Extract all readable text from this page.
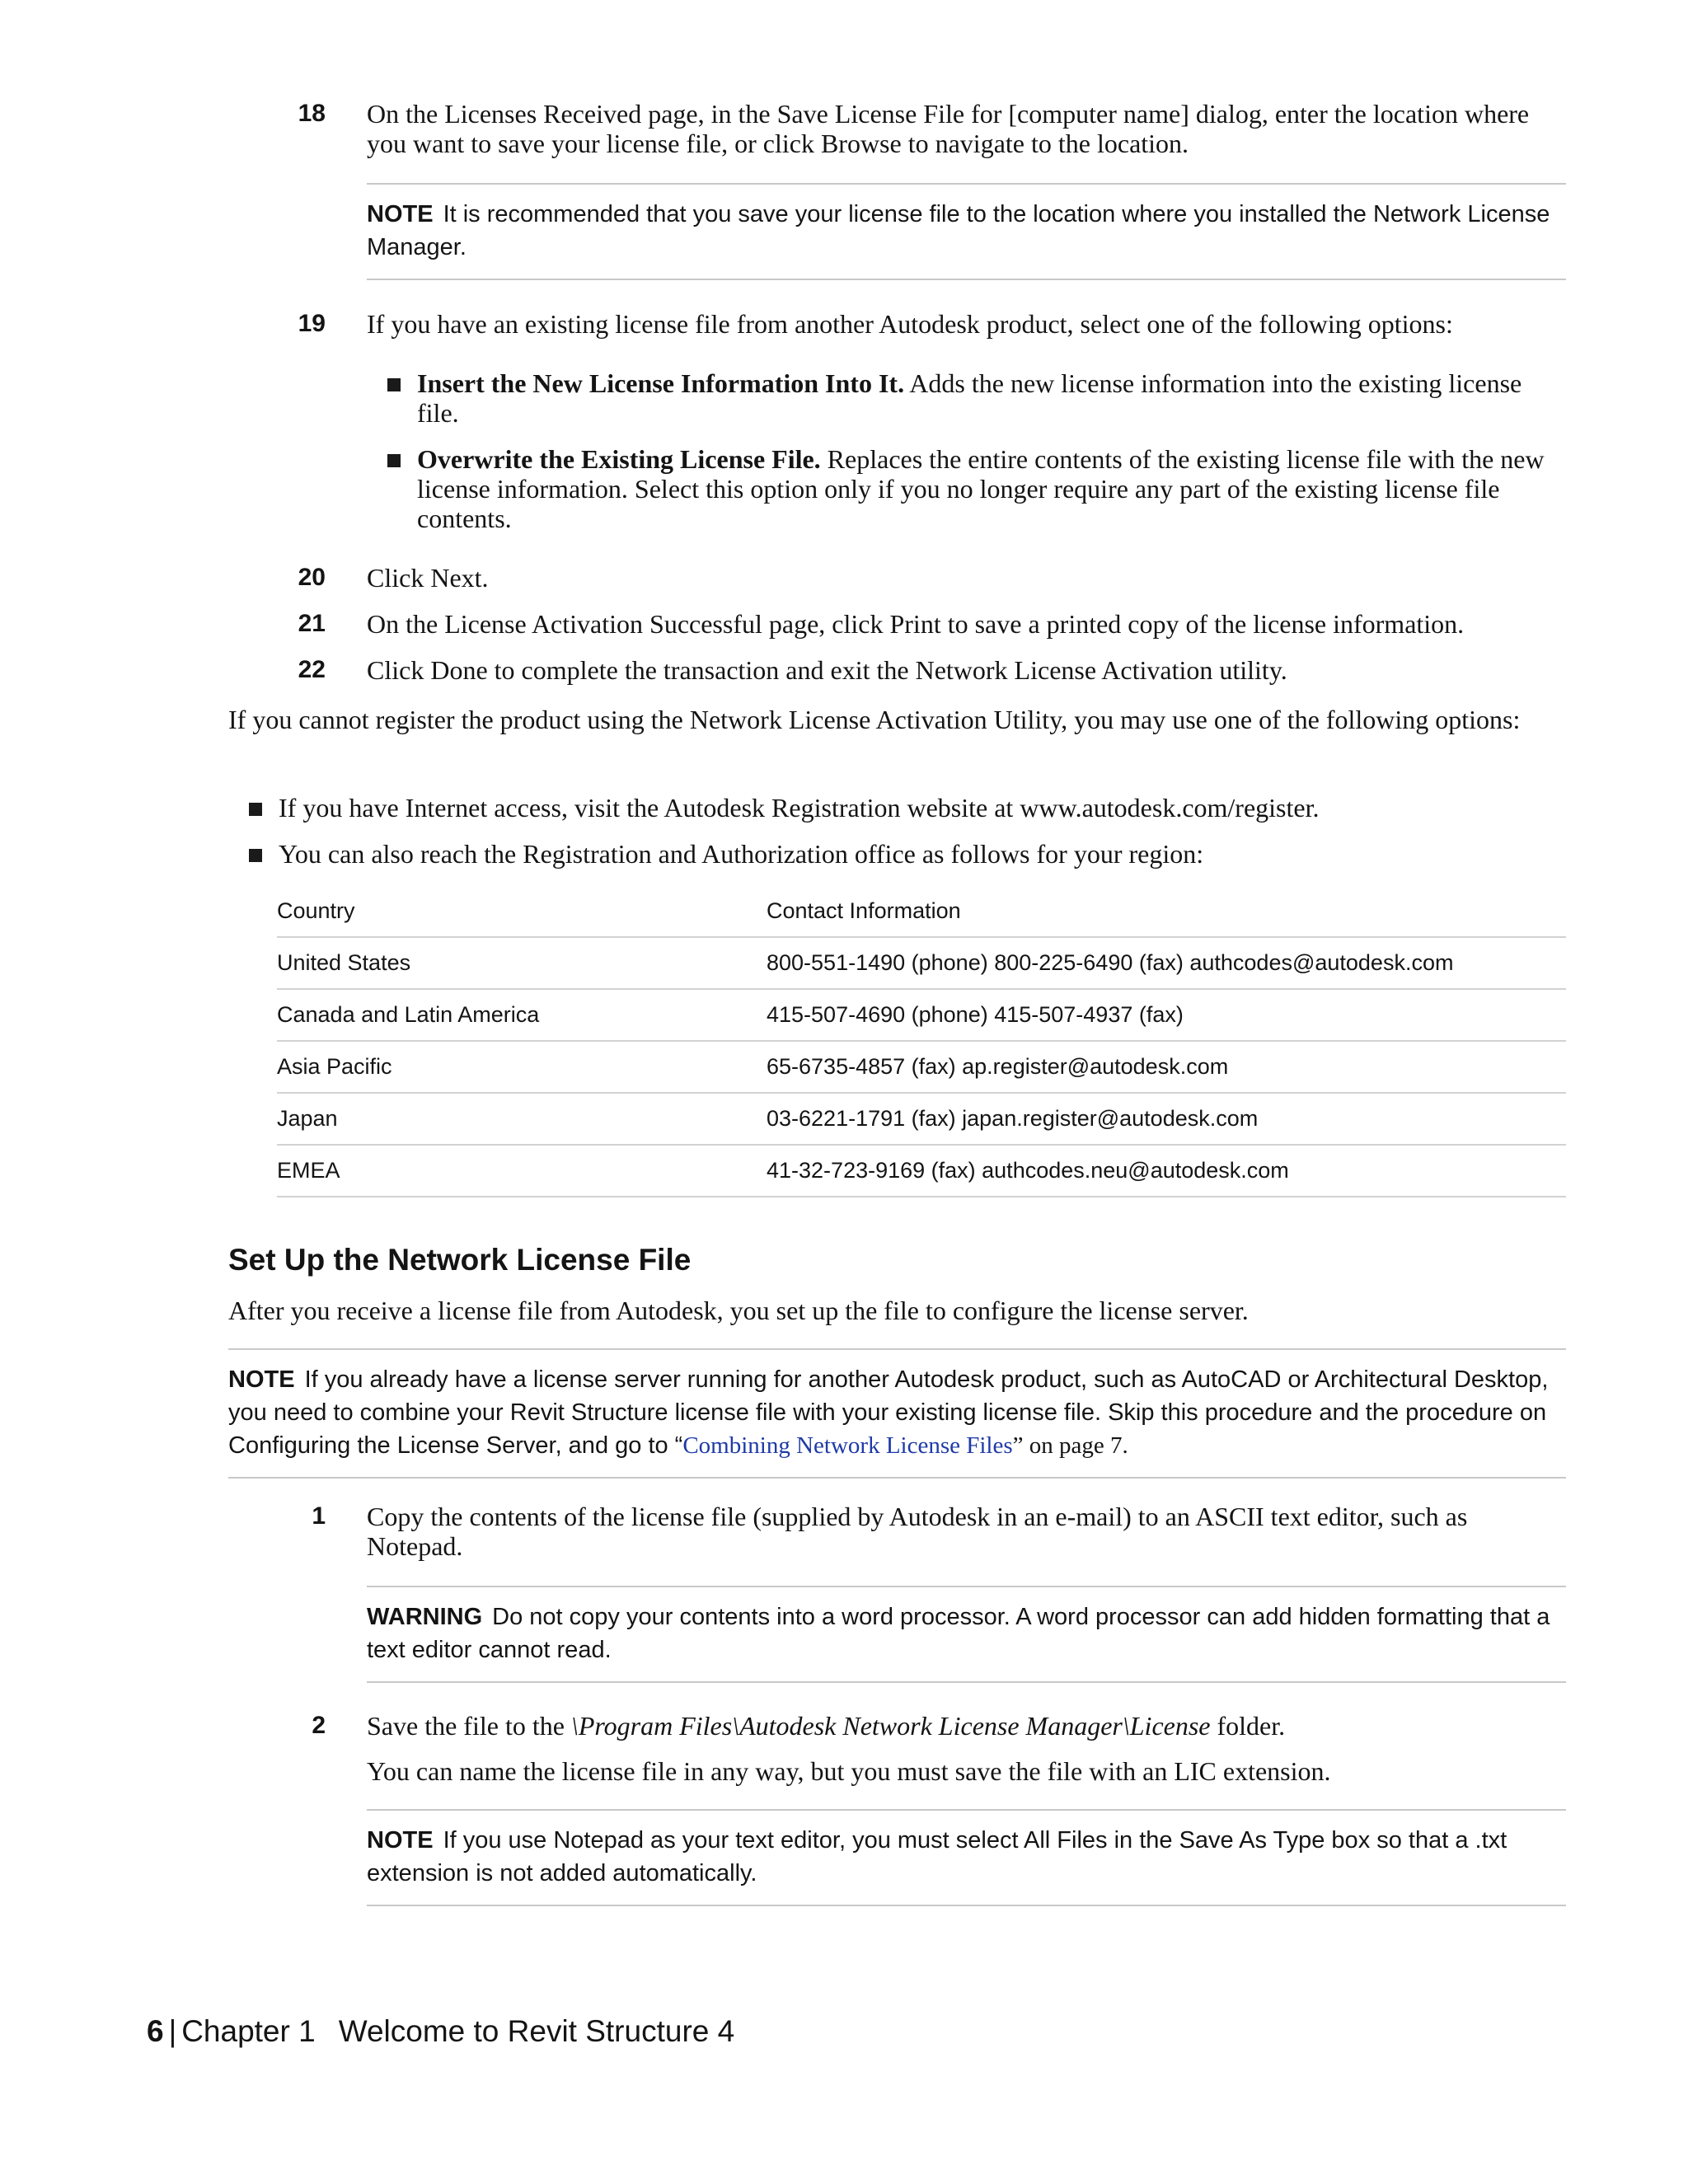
18 On the Licenses Received page, in the Save License File for [computer name] dialog, enter the location where you want to save your license file, or click Browse to navigate to the location.
NOTE It is recommended that you save your license file to the location where you installed the Network License Manager.
19 If you have an existing license file from another Autodesk product, select one of the following options:
Insert the New License Information Into It. Adds the new license information into the existing license file.
Overwrite the Existing License File. Replaces the entire contents of the existing license file with the new license information. Select this option only if you no longer require any part of the existing license file contents.
20 Click Next.
21 On the License Activation Successful page, click Print to save a printed copy of the license information.
22 Click Done to complete the transaction and exit the Network License Activation utility.
If you cannot register the product using the Network License Activation Utility, you may use one of the following options:
If you have Internet access, visit the Autodesk Registration website at www.autodesk.com/register.
You can also reach the Registration and Authorization office as follows for your region:
Country	Contact Information
United States	800-551-1490 (phone) 800-225-6490 (fax) authcodes@autodesk.com
Canada and Latin America	415-507-4690 (phone) 415-507-4937 (fax)
Asia Pacific	65-6735-4857 (fax) ap.register@autodesk.com
Japan	03-6221-1791 (fax) japan.register@autodesk.com
EMEA	41-32-723-9169 (fax) authcodes.neu@autodesk.com
Set Up the Network License File
After you receive a license file from Autodesk, you set up the file to configure the license server.
NOTE If you already have a license server running for another Autodesk product, such as AutoCAD or Architectural Desktop, you need to combine your Revit Structure license file with your existing license file. Skip this procedure and the procedure on Configuring the License Server, and go to “Combining Network License Files” on page 7.
1 Copy the contents of the license file (supplied by Autodesk in an e-mail) to an ASCII text editor, such as Notepad.
WARNING Do not copy your contents into a word processor. A word processor can add hidden formatting that a text editor cannot read.
2 Save the file to the \Program Files\Autodesk Network License Manager\License folder.
You can name the license file in any way, but you must save the file with an LIC extension.
NOTE If you use Notepad as your text editor, you must select All Files in the Save As Type box so that a .txt extension is not added automatically.
6 | Chapter 1 Welcome to Revit Structure 4
